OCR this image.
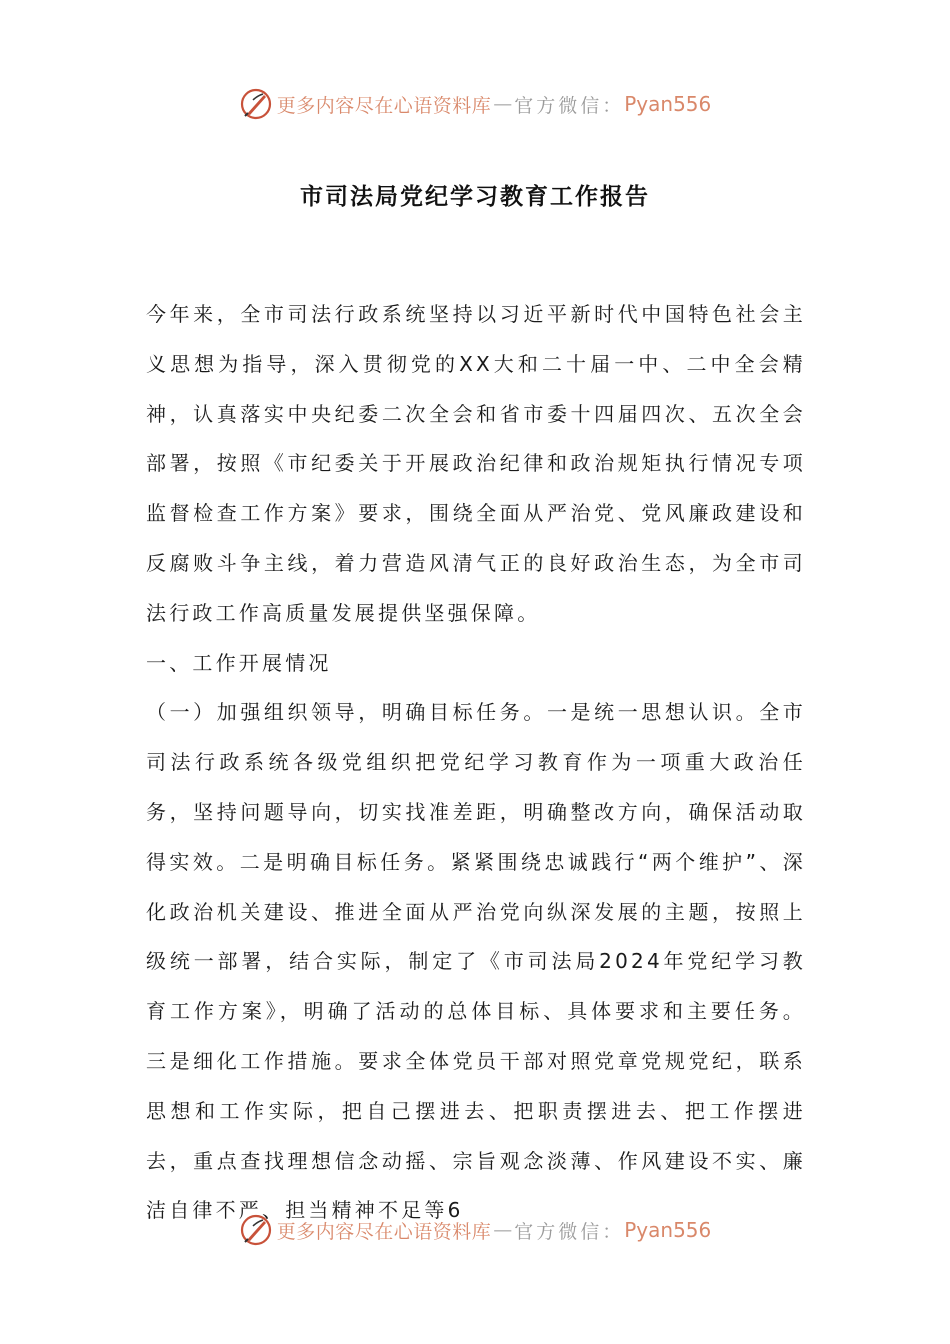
更多内容尽在心语资料库 — 官方微信： Pyan556
市司法局党纪学习教育工作报告

今年来，全市司法行政系统坚持以习近平新时代中国特色社会主义思想为指导，深入贯彻党的XX大和二十届一中、二中全会精神，认真落实中央纪委二次全会和省市委十四届四次、五次全会部署，按照《市纪委关于开展政治纪律和政治规矩执行情况专项监督检查工作方案》要求，围绕全面从严治党、党风廉政建设和反腐败斗争主线，着力营造风清气正的良好政治生态，为全市司法行政工作高质量发展提供坚强保障。

一、工作开展情况

（一）加强组织领导，明确目标任务。一是统一思想认识。全市司法行政系统各级党组织把党纪学习教育作为一项重大政治任务，坚持问题导向，切实找准差距，明确整改方向，确保活动取得实效。二是明确目标任务。紧紧围绕忠诚践行“两个维护”、深化政治机关建设、推进全面从严治党向纵深发展的主题，按照上级统一部署，结合实际，制定了《市司法局2024年党纪学习教育工作方案》，明确了活动的总体目标、具体要求和主要任务。三是细化工作措施。要求全体党员干部对照党章党规党纪，联系思想和工作实际，把自己摆进去、把职责摆进去、把工作摆进去，重点查找理想信念动摇、宗旨观念淡薄、作风建设不实、廉洁自律不严、担当精神不足等6

更多内容尽在心语资料库 — 官方微信： Pyan556
